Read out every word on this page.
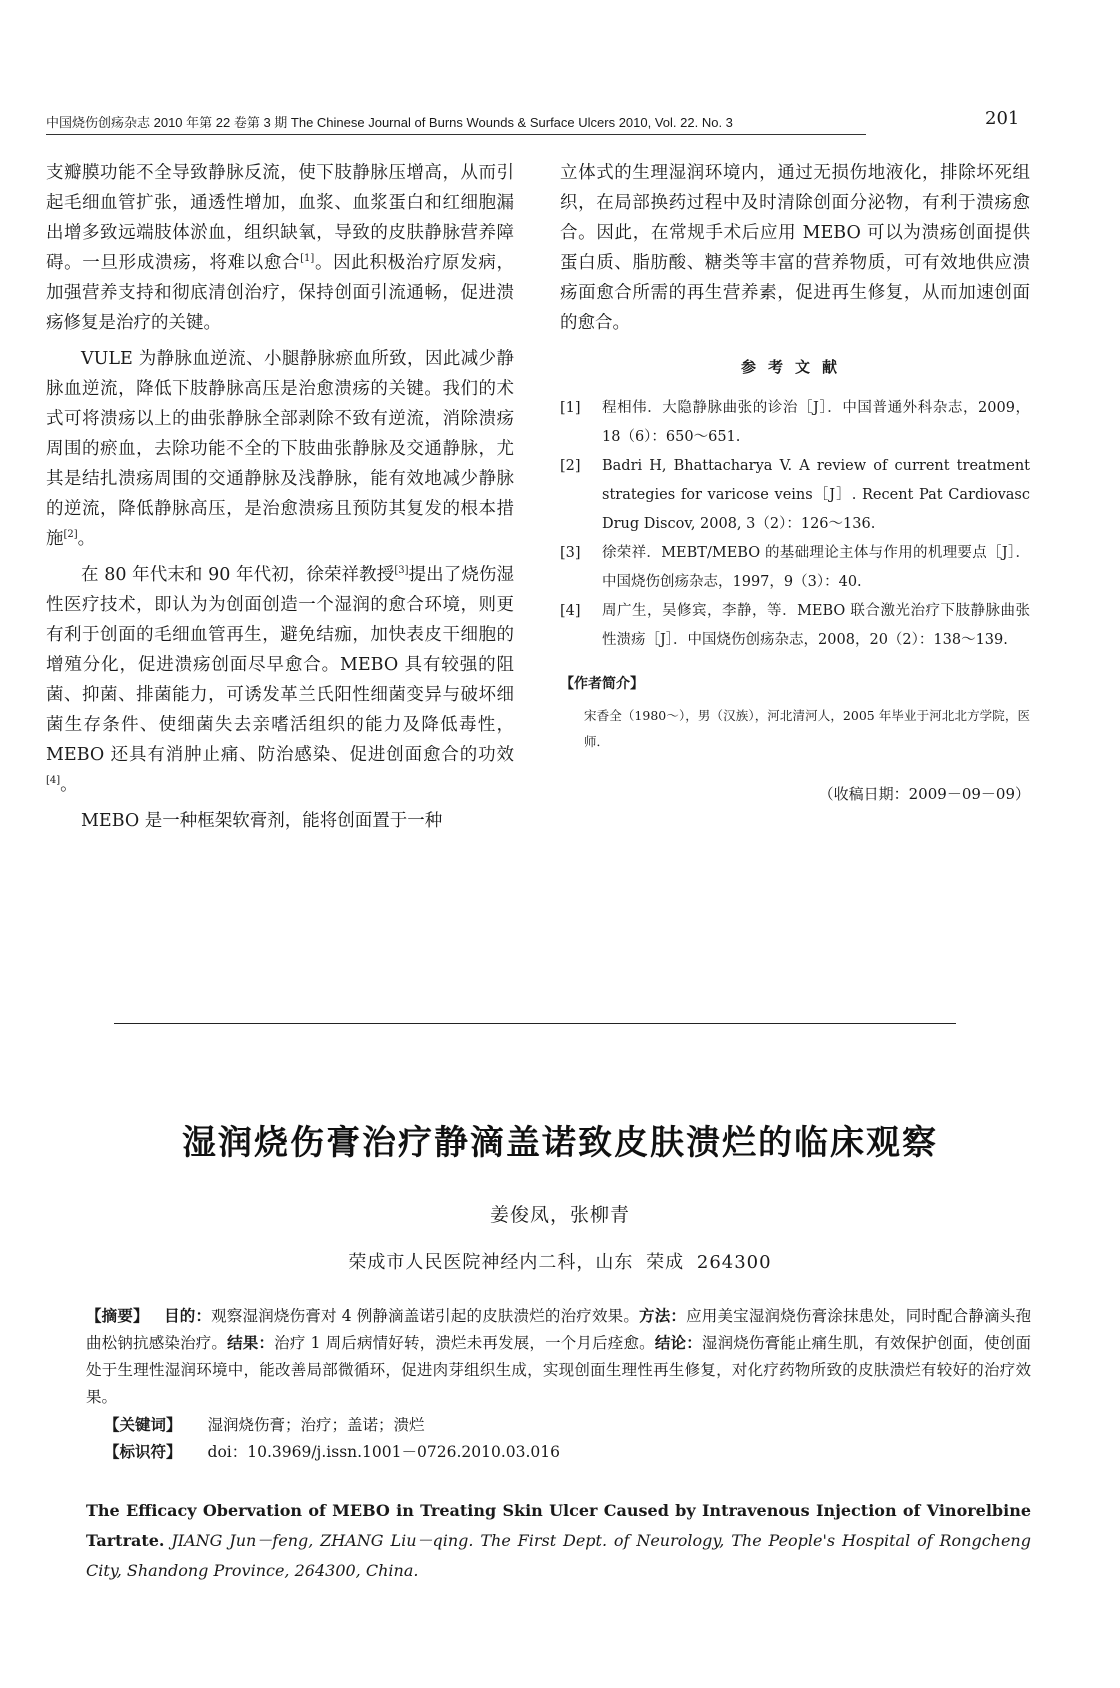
中国烧伤创疡杂志 2010 年第 22 卷第 3 期 The Chinese Journal of Burns Wounds & Surface Ulcers 2010, Vol. 22. No. 3	201

支瓣膜功能不全导致静脉反流，使下肢静脉压增高，从而引起毛细血管扩张，通透性增加，血浆、血浆蛋白和红细胞漏出增多致远端肢体淤血，组织缺氧，导致的皮肤静脉营养障碍。一旦形成溃疡，将难以愈合[1]。因此积极治疗原发病，加强营养支持和彻底清创治疗，保持创面引流通畅，促进溃疡修复是治疗的关键。

VULE 为静脉血逆流、小腿静脉瘀血所致，因此减少静脉血逆流，降低下肢静脉高压是治愈溃疡的关键。我们的术式可将溃疡以上的曲张静脉全部剥除不致有逆流，消除溃疡周围的瘀血，去除功能不全的下肢曲张静脉及交通静脉，尤其是结扎溃疡周围的交通静脉及浅静脉，能有效地减少静脉的逆流，降低静脉高压，是治愈溃疡且预防其复发的根本措施[2]。

在 80 年代末和 90 年代初，徐荣祥教授[3]提出了烧伤湿性医疗技术，即认为为创面创造一个湿润的愈合环境，则更有利于创面的毛细血管再生，避免结痂，加快表皮干细胞的增殖分化，促进溃疡创面尽早愈合。MEBO 具有较强的阻菌、抑菌、排菌能力，可诱发革兰氏阳性细菌变异与破坏细菌生存条件、使细菌失去亲嗜活组织的能力及降低毒性，MEBO 还具有消肿止痛、防治感染、促进创面愈合的功效[4]。

MEBO 是一种框架软膏剂，能将创面置于一种

立体式的生理湿润环境内，通过无损伤地液化，排除坏死组织，在局部换药过程中及时清除创面分泌物，有利于溃疡愈合。因此，在常规手术后应用 MEBO 可以为溃疡创面提供蛋白质、脂肪酸、糖类等丰富的营养物质，可有效地供应溃疡面愈合所需的再生营养素，促进再生修复，从而加速创面的愈合。

参考文献
[1]	程相伟．大隐静脉曲张的诊治［J］．中国普通外科杂志，2009，18（6）：650～651.
[2]	Badri H, Bhattacharya V. A review of current treatment strategies for varicose veins［J］. Recent Pat Cardiovasc Drug Discov, 2008, 3（2）：126～136.
[3]	徐荣祥．MEBT/MEBO 的基础理论主体与作用的机理要点［J］．中国烧伤创疡杂志，1997，9（3）：40.
[4]	周广生，吴修宾，李静，等．MEBO 联合激光治疗下肢静脉曲张性溃疡［J］．中国烧伤创疡杂志，2008，20（2）：138～139.
【作者简介】
宋香全（1980～），男（汉族），河北清河人，2005 年毕业于河北北方学院，医师．
（收稿日期：2009－09－09）
湿润烧伤膏治疗静滴盖诺致皮肤溃烂的临床观察
姜俊凤，张柳青
荣成市人民医院神经内二科，山东 荣成 264300
【摘要】 目的：观察湿润烧伤膏对 4 例静滴盖诺引起的皮肤溃烂的治疗效果。方法：应用美宝湿润烧伤膏涂抹患处，同时配合静滴头孢曲松钠抗感染治疗。结果：治疗 1 周后病情好转，溃烂未再发展，一个月后痊愈。结论：湿润烧伤膏能止痛生肌，有效保护创面，使创面处于生理性湿润环境中，能改善局部微循环，促进肉芽组织生成，实现创面生理性再生修复，对化疗药物所致的皮肤溃烂有较好的治疗效果。
【关键词】 湿润烧伤膏；治疗；盖诺；溃烂
【标识符】 doi：10.3969/j.issn.1001－0726.2010.03.016
The Efficacy Obervation of MEBO in Treating Skin Ulcer Caused by Intravenous Injection of Vinorelbine Tartrate. JIANG Jun－feng, ZHANG Liu－qing. The First Dept. of Neurology, The People's Hospital of Rongcheng City, Shandong Province, 264300, China.
